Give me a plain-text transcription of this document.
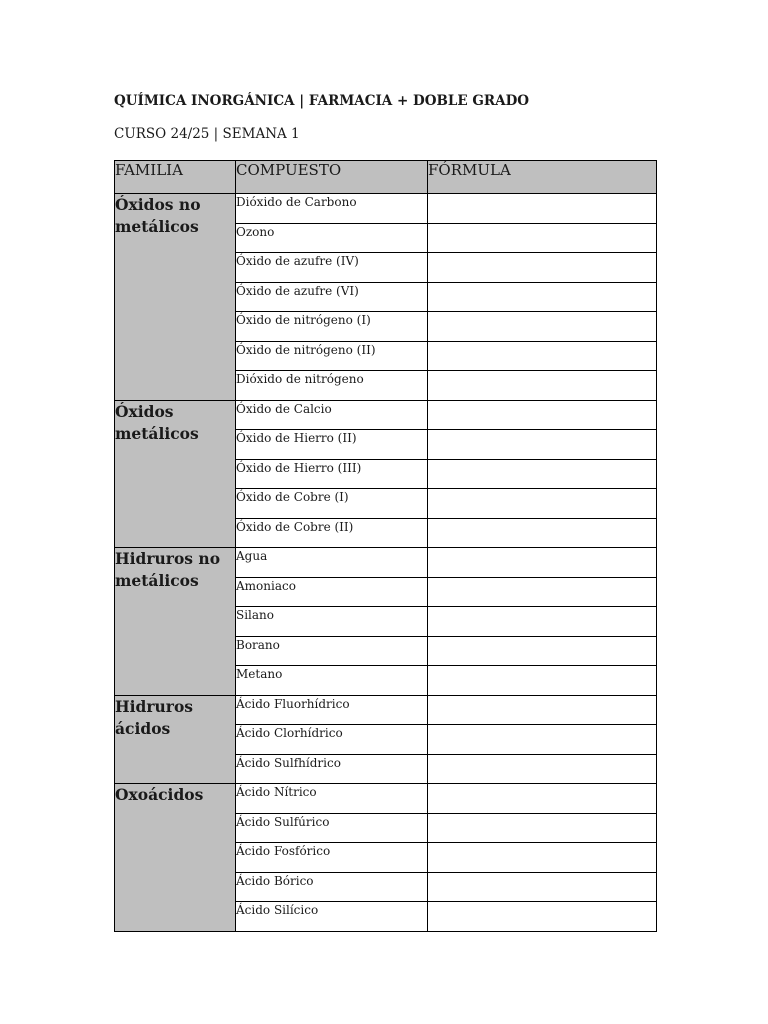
QUÍMICA INORGÁNICA | FARMACIA + DOBLE GRADO
CURSO 24/25 | SEMANA 1
FAMILIA	COMPUESTO	FÓRMULA
Óxidos no metálicos	Dióxido de Carbono	
	Ozono	
	Óxido de azufre (IV)	
	Óxido de azufre (VI)	
	Óxido de nitrógeno (I)	
	Óxido de nitrógeno (II)	
	Dióxido de nitrógeno	
Óxidos metálicos	Óxido de Calcio	
	Óxido de Hierro (II)	
	Óxido de Hierro (III)	
	Óxido de Cobre (I)	
	Óxido de Cobre (II)	
Hidruros no metálicos	Agua	
	Amoniaco	
	Silano	
	Borano	
	Metano	
Hidruros ácidos	Ácido Fluorhídrico	
	Ácido Clorhídrico	
	Ácido Sulfhídrico	
Oxoácidos	Ácido Nítrico	
	Ácido Sulfúrico	
	Ácido Fosfórico	
	Ácido Bórico	
	Ácido Silícico	
